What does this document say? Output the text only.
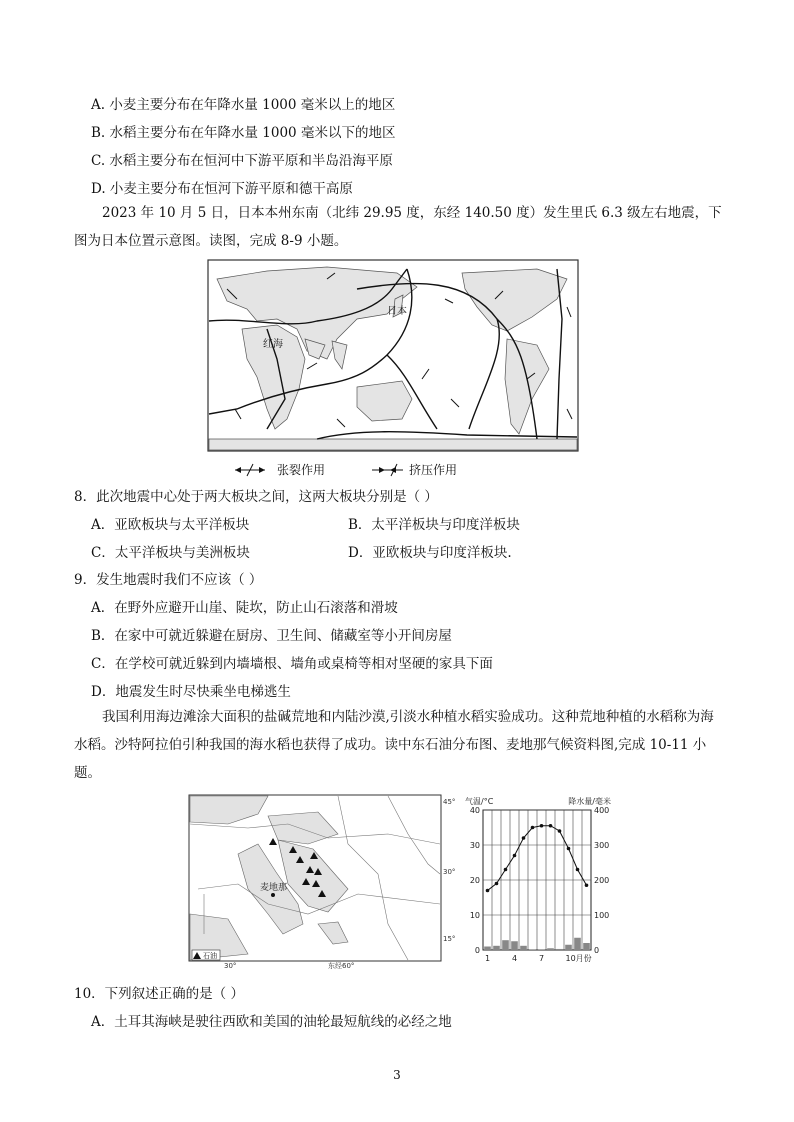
A. 小麦主要分布在年降水量 1000 毫米以上的地区
B. 水稻主要分布在年降水量 1000 毫米以下的地区
C. 水稻主要分布在恒河中下游平原和半岛沿海平原
D. 小麦主要分布在恒河下游平原和德干高原
2023 年 10 月 5 日，日本本州东南（北纬 29.95 度，东经 140.50 度）发生里氏 6.3 级左右地震，下图为日本位置示意图。读图，完成 8-9 小题。
日本
红海
张裂作用	挤压作用
8．此次地震中心处于两大板块之间，这两大板块分别是（ ）
A．亚欧板块与太平洋板块	B．太平洋板块与印度洋板块
C．太平洋板块与美洲板块	D．亚欧板块与印度洋板块.
9．发生地震时我们不应该（ ）
A．在野外应避开山崖、陡坎，防止山石滚落和滑坡
B．在家中可就近躲避在厨房、卫生间、储藏室等小开间房屋
C．在学校可就近躲到内墙墙根、墙角或桌椅等相对坚硬的家具下面
D．地震发生时尽快乘坐电梯逃生
我国利用海边滩涂大面积的盐碱荒地和内陆沙漠,引淡水种植水稻实验成功。这种荒地种植的水稻称为海水稻。沙特阿拉伯引种我国的海水稻也获得了成功。读中东石油分布图、麦地那气候资料图,完成 10-11 小题。
麦地那
石油
45°
30°
15°
30°	东经60°
0
10
20
30
40
0
100
200
300
400
1	4	7	10月份
气温/°C	降水量/毫米
10．下列叙述正确的是（ ）
A．土耳其海峡是驶往西欧和美国的油轮最短航线的必经之地
3
